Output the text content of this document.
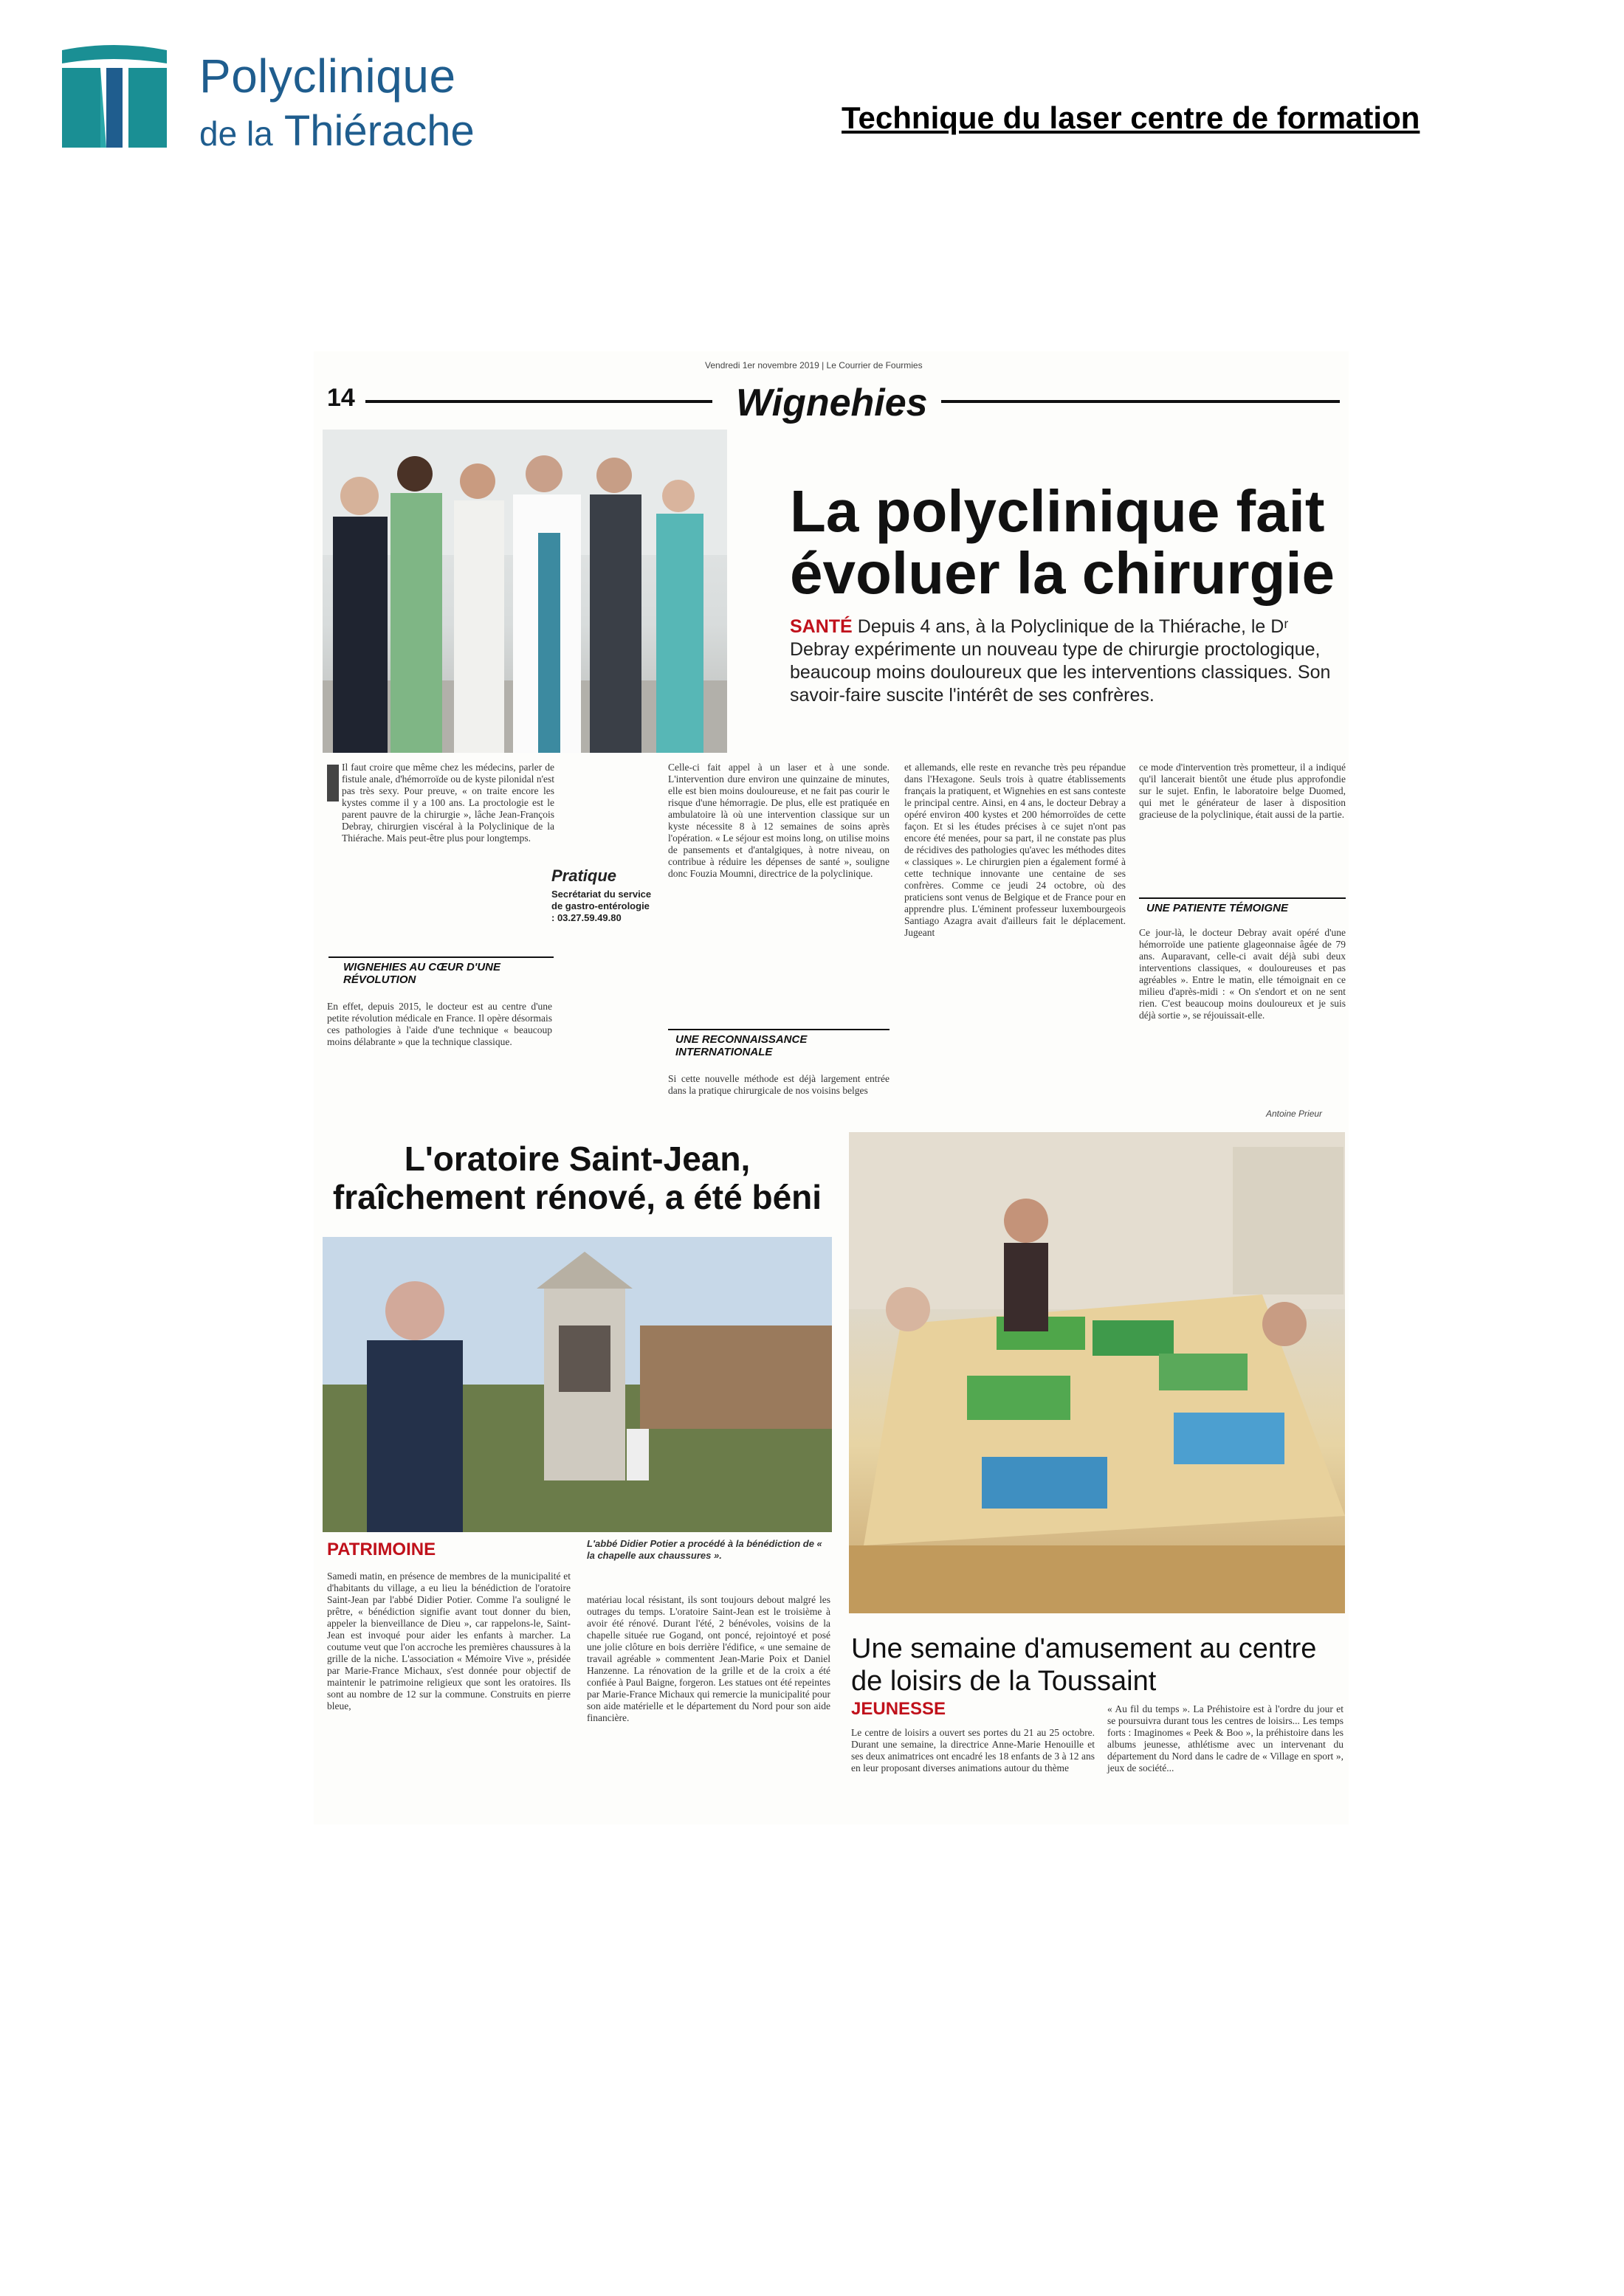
Polyclinique
de la Thiérache	Technique du laser centre de formation
Vendredi 1er novembre 2019 | Le Courrier de Fourmies
14	Wignehies
La polyclinique fait évoluer la chirurgie
SANTÉ Depuis 4 ans, à la Polyclinique de la Thiérache, le Dʳ Debray expérimente un nouveau type de chirurgie proctologique, beaucoup moins douloureux que les interventions classiques. Son savoir-faire suscite l'intérêt de ses confrères.
Il faut croire que même chez les médecins, parler de fistule anale, d'hémorroïde ou de kyste pilonidal n'est pas très sexy. Pour preuve, « on traite encore les kystes comme il y a 100 ans. La proctologie est le parent pauvre de la chirurgie », lâche Jean-François Debray, chirurgien viscéral à la Polyclinique de la Thiérache. Mais peut-être plus pour longtemps.
WIGNEHIES AU CŒUR D'UNE RÉVOLUTION
En effet, depuis 2015, le docteur est au centre d'une petite révolution médicale en France. Il opère désormais ces pathologies à l'aide d'une technique « beaucoup moins délabrante » que la technique classique.
Pratique
Secrétariat du service de gastro-entérologie : 03.27.59.49.80
Celle-ci fait appel à un laser et à une sonde. L'intervention dure environ une quinzaine de minutes, elle est bien moins douloureuse, et ne fait pas courir le risque d'une hémorragie. De plus, elle est pratiquée en ambulatoire là où une intervention classique sur un kyste nécessite 8 à 12 semaines de soins après l'opération. « Le séjour est moins long, on utilise moins de pansements et d'antalgiques, à notre niveau, on contribue à réduire les dépenses de santé », souligne donc Fouzia Moumni, directrice de la polyclinique.
UNE RECONNAISSANCE INTERNATIONALE
Si cette nouvelle méthode est déjà largement entrée dans la pratique chirurgicale de nos voisins belges
et allemands, elle reste en revanche très peu répandue dans l'Hexagone. Seuls trois à quatre établissements français la pratiquent, et Wignehies en est sans conteste le principal centre. Ainsi, en 4 ans, le docteur Debray a opéré environ 400 kystes et 200 hémorroïdes de cette façon. Et si les études précises à ce sujet n'ont pas encore été menées, pour sa part, il ne constate pas plus de récidives des pathologies qu'avec les méthodes dites « classiques ». Le chirurgien pien a également formé à cette technique innovante une centaine de ses confrères. Comme ce jeudi 24 octobre, où des praticiens sont venus de Belgique et de France pour en apprendre plus. L'éminent professeur luxembourgeois Santiago Azagra avait d'ailleurs fait le déplacement. Jugeant
ce mode d'intervention très prometteur, il a indiqué qu'il lancerait bientôt une étude plus approfondie sur le sujet. Enfin, le laboratoire belge Duomed, qui met le générateur de laser à disposition gracieuse de la polyclinique, était aussi de la partie.
UNE PATIENTE TÉMOIGNE
Ce jour-là, le docteur Debray avait opéré d'une hémorroïde une patiente glageonnaise âgée de 79 ans. Auparavant, celle-ci avait déjà subi deux interventions classiques, « douloureuses et pas agréables ». Entre le matin, elle témoignait en ce milieu d'après-midi : « On s'endort et on ne sent rien. C'est beaucoup moins douloureux et je suis déjà sortie », se réjouissait-elle.
Antoine Prieur
L'oratoire Saint-Jean, fraîchement rénové, a été béni
PATRIMOINE	L'abbé Didier Potier a procédé à la bénédiction de « la chapelle aux chaussures ».
Samedi matin, en présence de membres de la municipalité et d'habitants du village, a eu lieu la bénédiction de l'oratoire Saint-Jean par l'abbé Didier Potier. Comme l'a souligné le prêtre, « bénédiction signifie avant tout donner du bien, appeler la bienveillance de Dieu », car rappelons-le, Saint-Jean est invoqué pour aider les enfants à marcher. La coutume veut que l'on accroche les premières chaussures à la grille de la niche. L'association « Mémoire Vive », présidée par Marie-France Michaux, s'est donnée pour objectif de maintenir le patrimoine religieux que sont les oratoires. Ils sont au nombre de 12 sur la commune. Construits en pierre bleue,
matériau local résistant, ils sont toujours debout malgré les outrages du temps. L'oratoire Saint-Jean est le troisième à avoir été rénové. Durant l'été, 2 bénévoles, voisins de la chapelle située rue Gogand, ont poncé, rejointoyé et posé une jolie clôture en bois derrière l'édifice, « une semaine de travail agréable » commentent Jean-Marie Poix et Daniel Hanzenne. La rénovation de la grille et de la croix a été confiée à Paul Baigne, forgeron. Les statues ont été repeintes par Marie-France Michaux qui remercie la municipalité pour son aide matérielle et le département du Nord pour son aide financière.
Une semaine d'amusement au centre de loisirs de la Toussaint
JEUNESSE
Le centre de loisirs a ouvert ses portes du 21 au 25 octobre. Durant une semaine, la directrice Anne-Marie Henouille et ses deux animatrices ont encadré les 18 enfants de 3 à 12 ans en leur proposant diverses animations autour du thème
« Au fil du temps ». La Préhistoire est à l'ordre du jour et se poursuivra durant tous les centres de loisirs... Les temps forts : Imaginomes « Peek & Boo », la préhistoire dans les albums jeunesse, athlétisme avec un intervenant du département du Nord dans le cadre de « Village en sport », jeux de société...
